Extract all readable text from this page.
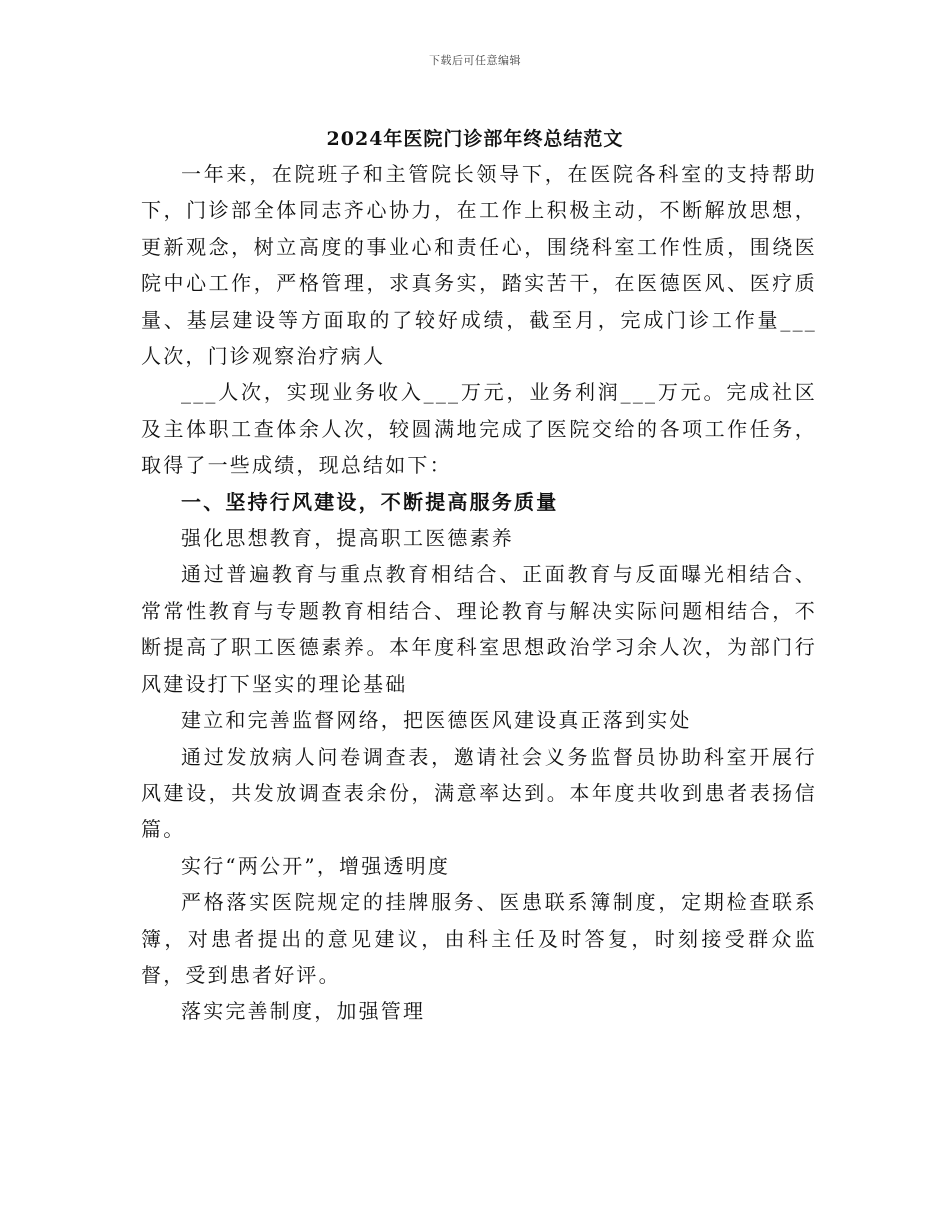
下载后可任意编辑
2024年医院门诊部年终总结范文

一年来，在院班子和主管院长领导下，在医院各科室的支持帮助下，门诊部全体同志齐心协力，在工作上积极主动，不断解放思想，更新观念，树立高度的事业心和责任心，围绕科室工作性质，围绕医院中心工作，严格管理，求真务实，踏实苦干，在医德医风、医疗质量、基层建设等方面取的了较好成绩，截至月，完成门诊工作量___人次，门诊观察治疗病人

___人次，实现业务收入___万元，业务利润___万元。完成社区及主体职工查体余人次，较圆满地完成了医院交给的各项工作任务，取得了一些成绩，现总结如下：

一、坚持行风建设，不断提高服务质量

强化思想教育，提高职工医德素养

通过普遍教育与重点教育相结合、正面教育与反面曝光相结合、常常性教育与专题教育相结合、理论教育与解决实际问题相结合，不断提高了职工医德素养。本年度科室思想政治学习余人次，为部门行风建设打下坚实的理论基础

建立和完善监督网络，把医德医风建设真正落到实处

通过发放病人问卷调查表，邀请社会义务监督员协助科室开展行风建设，共发放调查表余份，满意率达到。本年度共收到患者表扬信篇。

实行“两公开”，增强透明度

严格落实医院规定的挂牌服务、医患联系簿制度，定期检查联系簿，对患者提出的意见建议，由科主任及时答复，时刻接受群众监督，受到患者好评。

落实完善制度，加强管理
